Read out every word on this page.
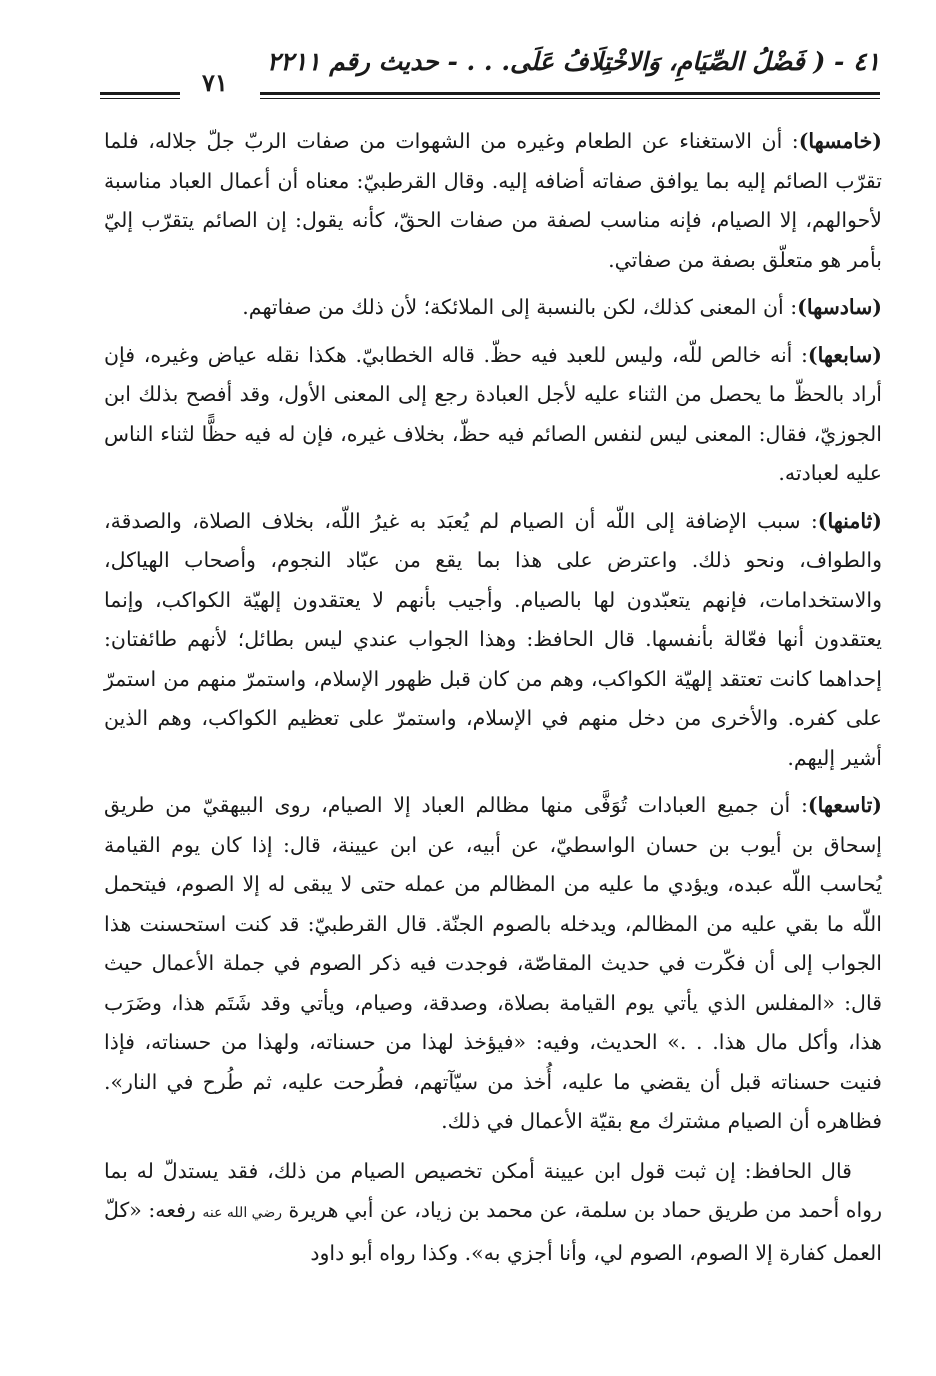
٤١ - ( فَضْلُ الصِّيَامِ، وَالاخْتِلَافُ عَلَى. . . - حديث رقم ٢٢١١
٧١

(خامسها): أن الاستغناء عن الطعام وغيره من الشهوات من صفات الربّ جلّ جلاله، فلما تقرّب الصائم إليه بما يوافق صفاته أضافه إليه. وقال القرطبيّ: معناه أن أعمال العباد مناسبة لأحوالهم، إلا الصيام، فإنه مناسب لصفة من صفات الحقّ، كأنه يقول: إن الصائم يتقرّب إليّ بأمر هو متعلّق بصفة من صفاتي.

(سادسها): أن المعنى كذلك، لكن بالنسبة إلى الملائكة؛ لأن ذلك من صفاتهم.

(سابعها): أنه خالص للّه، وليس للعبد فيه حظّ. قاله الخطابيّ. هكذا نقله عياض وغيره، فإن أراد بالحظّ ما يحصل من الثناء عليه لأجل العبادة رجع إلى المعنى الأول، وقد أفصح بذلك ابن الجوزيّ، فقال: المعنى ليس لنفس الصائم فيه حظّ، بخلاف غيره، فإن له فيه حظًّا لثناء الناس عليه لعبادته.

(ثامنها): سبب الإضافة إلى اللّه أن الصيام لم يُعبَد به غيرُ اللّه، بخلاف الصلاة، والصدقة، والطواف، ونحو ذلك. واعترض على هذا بما يقع من عبّاد النجوم، وأصحاب الهياكل، والاستخدامات، فإنهم يتعبّدون لها بالصيام. وأجيب بأنهم لا يعتقدون إلهيّة الكواكب، وإنما يعتقدون أنها فعّالة بأنفسها. قال الحافظ: وهذا الجواب عندي ليس بطائل؛ لأنهم طائفتان: إحداهما كانت تعتقد إلهيّة الكواكب، وهم من كان قبل ظهور الإسلام، واستمرّ منهم من استمرّ على كفره. والأخرى من دخل منهم في الإسلام، واستمرّ على تعظيم الكواكب، وهم الذين أشير إليهم.

(تاسعها): أن جميع العبادات تُوَفَّى منها مظالم العباد إلا الصيام، روى البيهقيّ من طريق إسحاق بن أيوب بن حسان الواسطيّ، عن أبيه، عن ابن عيينة، قال: إذا كان يوم القيامة يُحاسب اللّه عبده، ويؤدي ما عليه من المظالم من عمله حتى لا يبقى له إلا الصوم، فيتحمل اللّه ما بقي عليه من المظالم، ويدخله بالصوم الجنّة. قال القرطبيّ: قد كنت استحسنت هذا الجواب إلى أن فكّرت في حديث المقاصّة، فوجدت فيه ذكر الصوم في جملة الأعمال حيث قال: «المفلس الذي يأتي يوم القيامة بصلاة، وصدقة، وصيام، ويأتي وقد شَتَم هذا، وضَرَب هذا، وأكل مال هذا. . .» الحديث، وفيه: «فيؤخذ لهذا من حسناته، ولهذا من حسناته، فإذا فنيت حسناته قبل أن يقضي ما عليه، أُخذ من سيّآتهم، فطُرحت عليه، ثم طُرح في النار». فظاهره أن الصيام مشترك مع بقيّة الأعمال في ذلك.

قال الحافظ: إن ثبت قول ابن عيينة أمكن تخصيص الصيام من ذلك، فقد يستدلّ له بما رواه أحمد من طريق حماد بن سلمة، عن محمد بن زياد، عن أبي هريرة رضي الله عنه رفعه: «كلّ العمل كفارة إلا الصوم، الصوم لي، وأنا أجزي به». وكذا رواه أبو داود
